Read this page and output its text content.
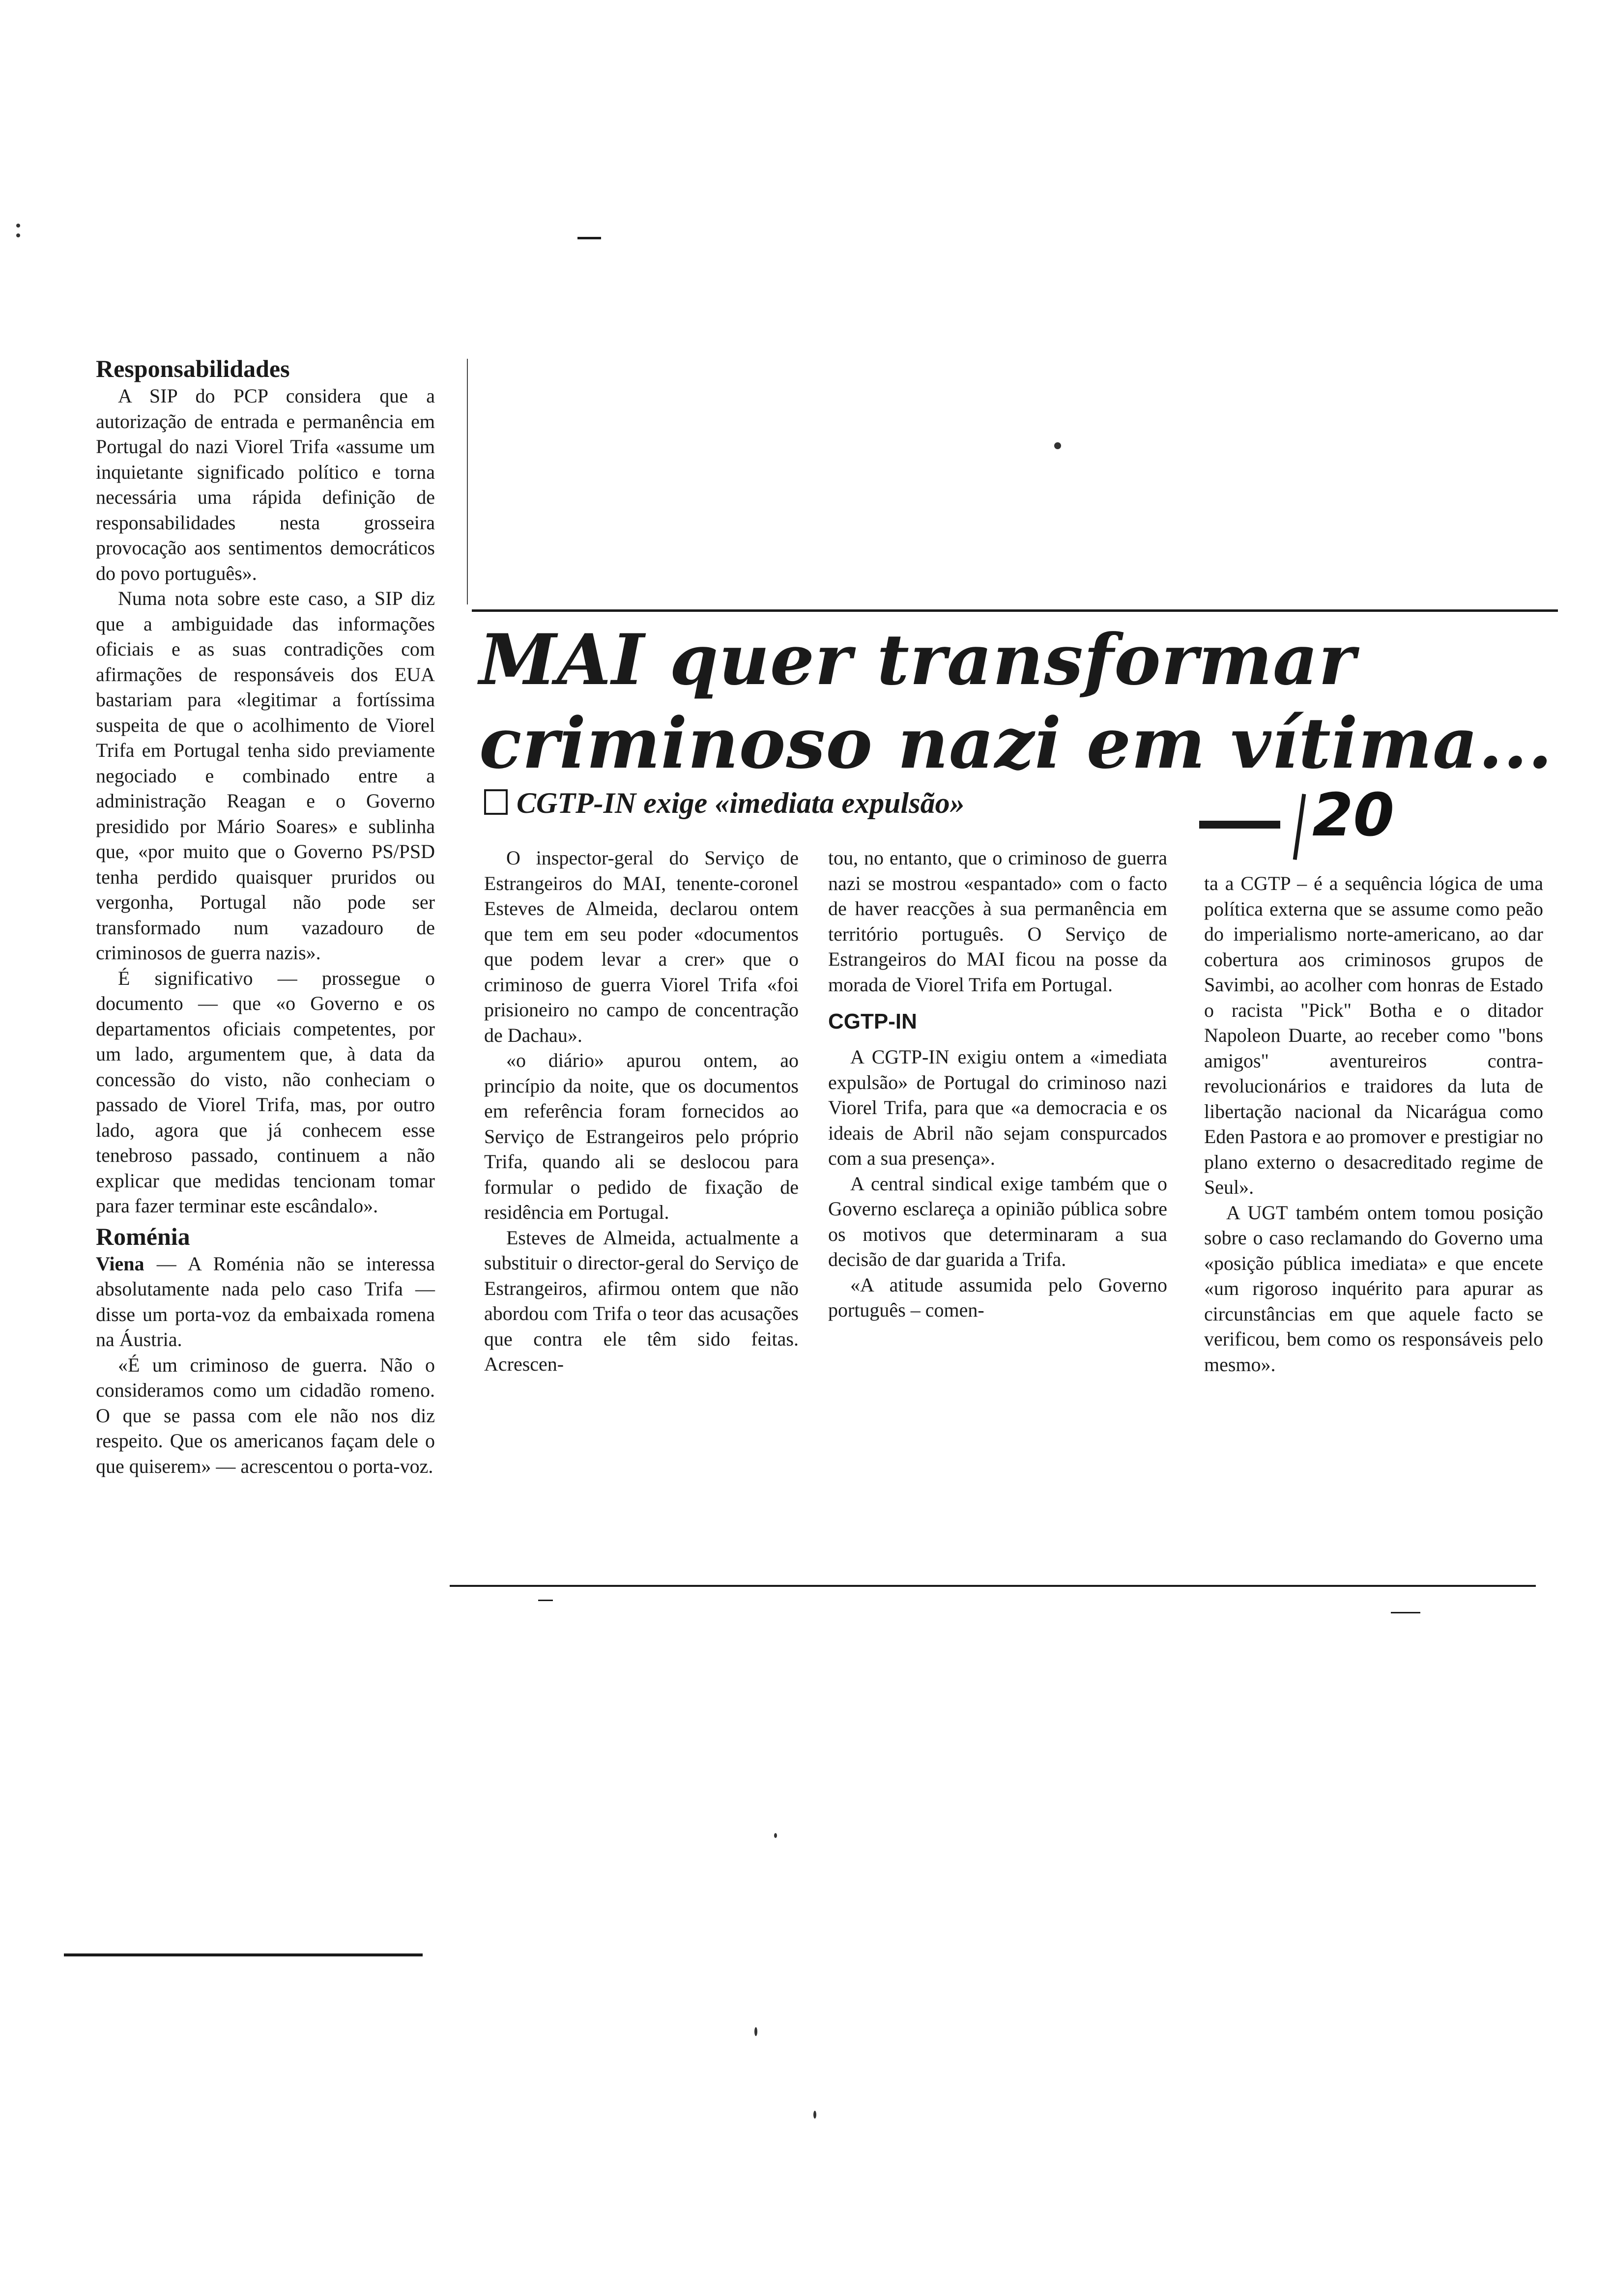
Responsabilidades

A SIP do PCP considera que a autorização de entrada e permanência em Portugal do nazi Viorel Trifa «assume um inquietante significado político e torna necessária uma rápida definição de responsabilidades nesta grosseira provocação aos sentimentos democráticos do povo português».

Numa nota sobre este caso, a SIP diz que a ambiguidade das informações oficiais e as suas contradições com afirmações de responsáveis dos EUA bastariam para «legitimar a fortíssima suspeita de que o acolhimento de Viorel Trifa em Portugal tenha sido previamente negociado e combinado entre a administração Reagan e o Governo presidido por Mário Soares» e sublinha que, «por muito que o Governo PS/PSD tenha perdido quaisquer pruridos ou vergonha, Portugal não pode ser transformado num vazadouro de criminosos de guerra nazis».

É significativo — prossegue o documento — que «o Governo e os departamentos oficiais competentes, por um lado, argumentem que, à data da concessão do visto, não conheciam o passado de Viorel Trifa, mas, por outro lado, agora que já conhecem esse tenebroso passado, continuem a não explicar que medidas tencionam tomar para fazer terminar este escândalo».

Roménia

Viena — A Roménia não se interessa absolutamente nada pelo caso Trifa — disse um porta-voz da embaixada romena na Áustria.

«É um criminoso de guerra. Não o consideramos como um cidadão romeno. O que se passa com ele não nos diz respeito. Que os americanos façam dele o que quiserem» — acrescentou o porta-voz.

MAI quer transformar
criminoso nazi em vítima...
CGTP-IN exige «imediata expulsão»	20

O inspector-geral do Serviço de Estrangeiros do MAI, tenente-coronel Esteves de Almeida, declarou ontem que tem em seu poder «documentos que podem levar a crer» que o criminoso de guerra Viorel Trifa «foi prisioneiro no campo de concentração de Dachau».

«o diário» apurou ontem, ao princípio da noite, que os documentos em referência foram fornecidos ao Serviço de Estrangeiros pelo próprio Trifa, quando ali se deslocou para formular o pedido de fixação de residência em Portugal.

Esteves de Almeida, actualmente a substituir o director-geral do Serviço de Estrangeiros, afirmou ontem que não abordou com Trifa o teor das acusações que contra ele têm sido feitas. Acrescen-

tou, no entanto, que o criminoso de guerra nazi se mostrou «espantado» com o facto de haver reacções à sua permanência em território português. O Serviço de Estrangeiros do MAI ficou na posse da morada de Viorel Trifa em Portugal.

CGTP-IN

A CGTP-IN exigiu ontem a «imediata expulsão» de Portugal do criminoso nazi Viorel Trifa, para que «a democracia e os ideais de Abril não sejam conspurcados com a sua presença».

A central sindical exige também que o Governo esclareça a opinião pública sobre os motivos que determinaram a sua decisão de dar guarida a Trifa.

«A atitude assumida pelo Governo português – comen-

ta a CGTP – é a sequência lógica de uma política externa que se assume como peão do imperialismo norte-americano, ao dar cobertura aos criminosos grupos de Savimbi, ao acolher com honras de Estado o racista "Pick" Botha e o ditador Napoleon Duarte, ao receber como "bons amigos" aventureiros contra-revolucionários e traidores da luta de libertação nacional da Nicarágua como Eden Pastora e ao promover e prestigiar no plano externo o desacreditado regime de Seul».

A UGT também ontem tomou posição sobre o caso reclamando do Governo uma «posição pública imediata» e que encete «um rigoroso inquérito para apurar as circunstâncias em que aquele facto se verificou, bem como os responsáveis pelo mesmo».
